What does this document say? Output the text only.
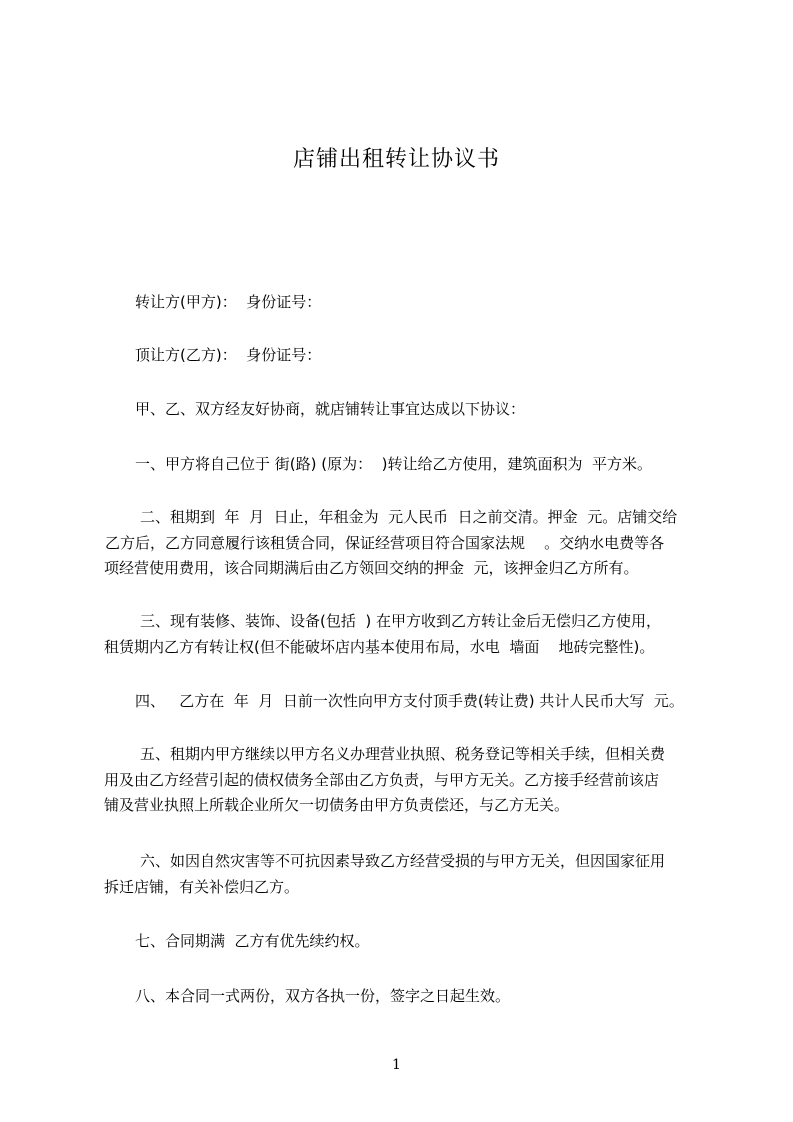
店铺出租转让协议书
转让方(甲方)：  身份证号：
顶让方(乙方)：  身份证号：
甲、乙、双方经友好协商，就店铺转让事宜达成以下协议：
一、甲方将自己位于 街(路) (原为：  )转让给乙方使用，建筑面积为  平方米。
二、租期到  年  月  日止，年租金为  元人民币  日之前交清。押金  元。店铺交给
乙方后，乙方同意履行该租赁合同，保证经营项目符合国家法规    。交纳水电费等各
项经营使用费用，该合同期满后由乙方领回交纳的押金  元，该押金归乙方所有。
三、现有装修、装饰、设备(包括  ) 在甲方收到乙方转让金后无偿归乙方使用，
租赁期内乙方有转让权(但不能破坏店内基本使用布局，水电  墙面    地砖完整性)。
四、   乙方在  年  月  日前一次性向甲方支付顶手费(转让费) 共计人民币大写  元。
五、租期内甲方继续以甲方名义办理营业执照、税务登记等相关手续，但相关费
用及由乙方经营引起的债权债务全部由乙方负责，与甲方无关。乙方接手经营前该店
铺及营业执照上所载企业所欠一切债务由甲方负责偿还，与乙方无关。
六、如因自然灾害等不可抗因素导致乙方经营受损的与甲方无关，但因国家征用
拆迁店铺，有关补偿归乙方。
七、合同期满  乙方有优先续约权。
八、本合同一式两份，双方各执一份，签字之日起生效。
1
